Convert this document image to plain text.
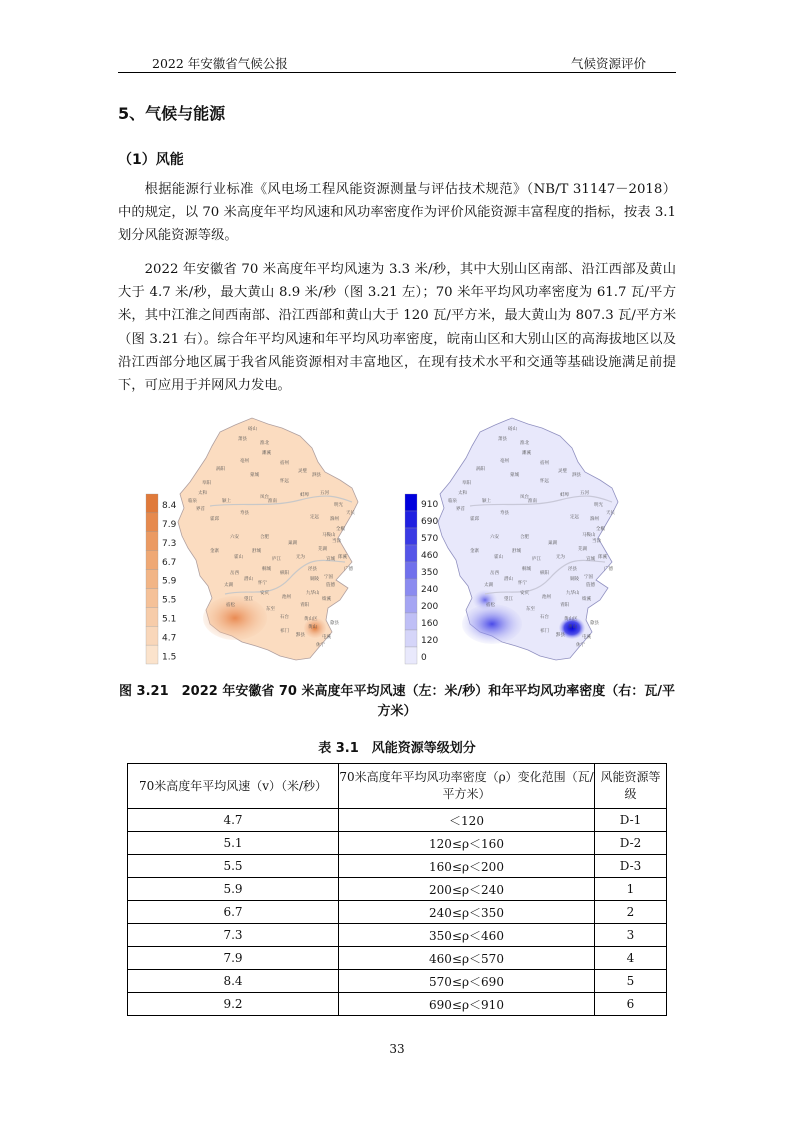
2022 年安徽省气候公报	气候资源评价
5、气候与能源
（1）风能
根据能源行业标准《风电场工程风能资源测量与评估技术规范》（NB/T 31147－2018）中的规定，以 70 米高度年平均风速和风功率密度作为评价风能资源丰富程度的指标，按表 3.1 划分风能资源等级。
2022 年安徽省 70 米高度年平均风速为 3.3 米/秒，其中大别山区南部、沿江西部及黄山大于 4.7 米/秒，最大黄山 8.9 米/秒（图 3.21 左）；70 米年平均风功率密度为 61.7 瓦/平方米，其中江淮之间西南部、沿江西部和黄山大于 120 瓦/平方米，最大黄山为 807.3 瓦/平方米（图 3.21 右）。综合年平均风速和年平均风功率密度，皖南山区和大别山区的高海拔地区以及沿江西部分地区属于我省风能资源相对丰富地区，在现有技术水平和交通等基础设施满足前提下，可应用于并网风力发电。
砀山
萧县
淮北
濉溪
宿州
灵璧
泗县
亳州
涡阳
蒙城
怀远
阜阳
太和
临泉
界首
颍上
凤台
淮南
蚌埠 五河
明光
滁州
定远
天长
全椒
寿县
霍邱
六安	合肥
巢湖
金寨
霍山
舒城
庐江	无为
岳西
潜山
太湖
桐城
枞阳
安庆
望江
宿松
怀宁
东至
池州
石台
青阳
九华山
铜陵
芜湖
马鞍山
当涂
宣城 郎溪
广德
宁国
泾县
旌德
绩溪
黄山
黄山区
黟县
祁门
休宁
歙县
屯溪
8.4
7.9
7.3
6.7
5.9
5.5
5.1
4.7
1.5
砀山
萧县
淮北
濉溪
宿州
灵璧
泗县
亳州
涡阳
蒙城
怀远
阜阳
太和
临泉
界首
颍上
凤台
淮南
蚌埠 五河
明光
滁州
定远
天长
全椒
寿县
霍邱
六安	合肥
巢湖
金寨
霍山
舒城
庐江	无为
岳西
潜山
太湖
桐城
枞阳
安庆
望江
宿松
怀宁
东至
池州
石台
青阳
九华山
铜陵
芜湖
马鞍山
当涂
宣城 郎溪
广德
宁国
泾县
旌德
绩溪
黄山
黄山区
黟县
祁门
休宁
歙县
屯溪
910
690
570
460
350
240
200
160
120
0
图 3.21　2022 年安徽省 70 米高度年平均风速（左：米/秒）和年平均风功率密度（右：瓦/平方米）
表 3.1　风能资源等级划分
70米高度年平均风速（v）（米/秒）	70米高度年平均风功率密度（ρ）变化范围（瓦/平方米）	风能资源等级
4.7	＜120	D-1
5.1	120≤ρ＜160	D-2
5.5	160≤ρ＜200	D-3
5.9	200≤ρ＜240	1
6.7	240≤ρ＜350	2
7.3	350≤ρ＜460	3
7.9	460≤ρ＜570	4
8.4	570≤ρ＜690	5
9.2	690≤ρ＜910	6
33
